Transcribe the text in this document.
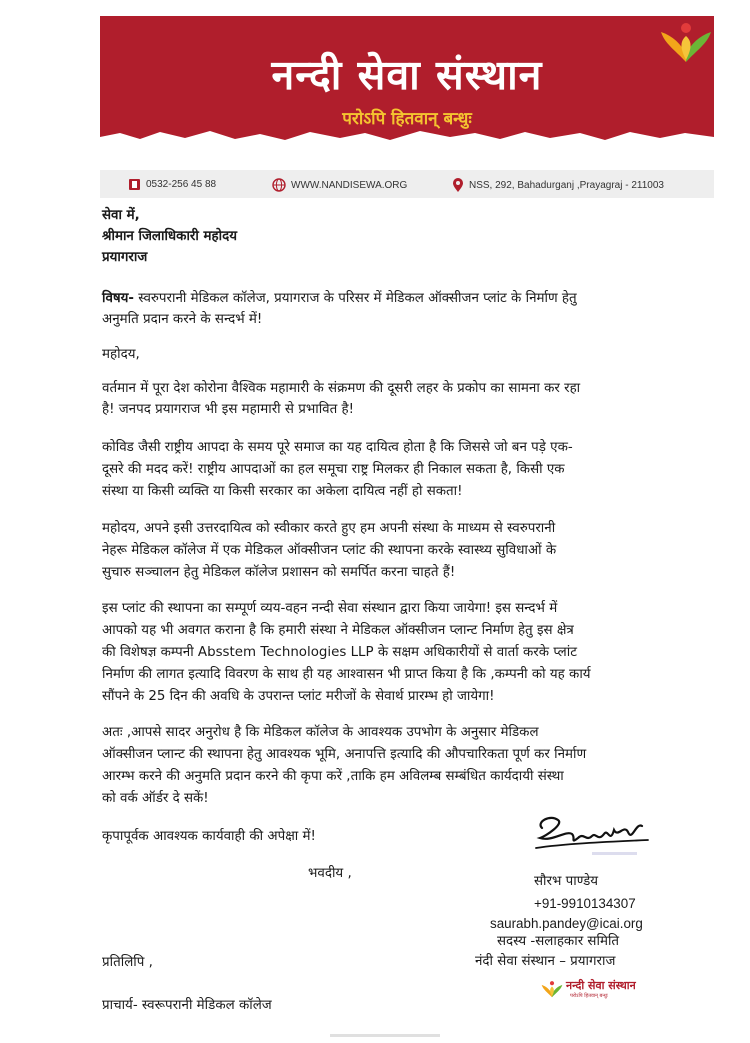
नन्दी सेवा संस्थान
परोऽपि हितवान् बन्धुः
0532-256 45 88	WWW.NANDISEWA.ORG	NSS, 292, Bahadurganj ,Prayagraj - 211003
सेवा में,
श्रीमान जिलाधिकारी महोदय
प्रयागराज
विषय- स्वरुपरानी मेडिकल कॉलेज, प्रयागराज के परिसर में मेडिकल ऑक्सीजन प्लांट के निर्माण हेतु
अनुमति प्रदान करने के सन्दर्भ में!
महोदय,
वर्तमान में पूरा देश कोरोना वैश्विक महामारी के संक्रमण की दूसरी लहर के प्रकोप का सामना कर रहा
है! जनपद प्रयागराज भी इस महामारी से प्रभावित है!
कोविड जैसी राष्ट्रीय आपदा के समय पूरे समाज का यह दायित्व होता है कि जिससे जो बन पड़े एक-
दूसरे की मदद करें! राष्ट्रीय आपदाओं का हल समूचा राष्ट्र मिलकर ही निकाल सकता है, किसी एक
संस्था या किसी व्यक्ति या किसी सरकार का अकेला दायित्व नहीं हो सकता!
महोदय, अपने इसी उत्तरदायित्व को स्वीकार करते हुए हम अपनी संस्था के माध्यम से स्वरुपरानी
नेहरू मेडिकल कॉलेज में एक मेडिकल ऑक्सीजन प्लांट की स्थापना करके स्वास्थ्य सुविधाओं के
सुचारु सञ्चालन हेतु मेडिकल कॉलेज प्रशासन को समर्पित करना चाहते हैं!
इस प्लांट की स्थापना का सम्पूर्ण व्यय-वहन नन्दी सेवा संस्थान द्वारा किया जायेगा! इस सन्दर्भ में
आपको यह भी अवगत कराना है कि हमारी संस्था ने मेडिकल ऑक्सीजन प्लान्ट निर्माण हेतु इस क्षेत्र
की विशेषज्ञ कम्पनी Absstem Technologies LLP के सक्षम अधिकारीयों से वार्ता करके प्लांट
निर्माण की लागत इत्यादि विवरण के साथ ही यह आश्वासन भी प्राप्त किया है कि ,कम्पनी को यह कार्य
सौंपने के 25 दिन की अवधि के उपरान्त प्लांट मरीजों के सेवार्थ प्रारम्भ हो जायेगा!
अतः ,आपसे सादर अनुरोध है कि मेडिकल कॉलेज के आवश्यक उपभोग के अनुसार मेडिकल
ऑक्सीजन प्लान्ट की स्थापना हेतु आवश्यक भूमि, अनापत्ति इत्यादि की औपचारिकता पूर्ण कर निर्माण
आरम्भ करने की अनुमति प्रदान करने की कृपा करें ,ताकि हम अविलम्ब सम्बंधित कार्यदायी संस्था
को वर्क ऑर्डर दे सकें!
कृपापूर्वक आवश्यक कार्यवाही की अपेक्षा में!
भवदीय ,
सौरभ पाण्डेय
+91-9910134307
saurabh.pandey@icai.org
सदस्य -सलाहकार समिति
नंदी सेवा संस्थान – प्रयागराज
प्रतिलिपि ,
नन्दी सेवा संस्थान
परोऽपि हितवान् बन्धुः
प्राचार्य- स्वरूपरानी मेडिकल कॉलेज
